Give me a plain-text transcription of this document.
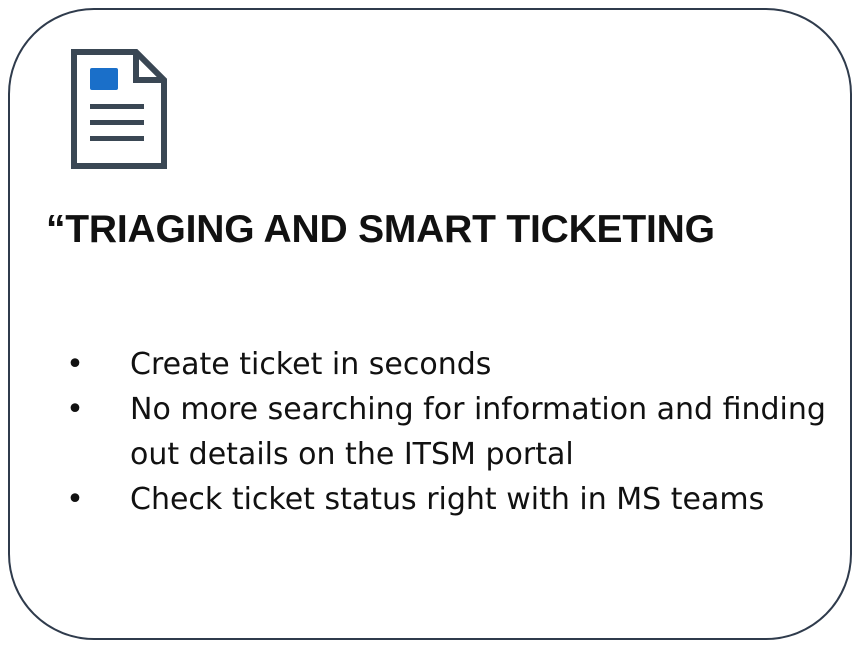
“TRIAGING AND SMART TICKETING
• Create ticket in seconds
• No more searching for information and finding out details on the ITSM portal
• Check ticket status right with in MS teams
